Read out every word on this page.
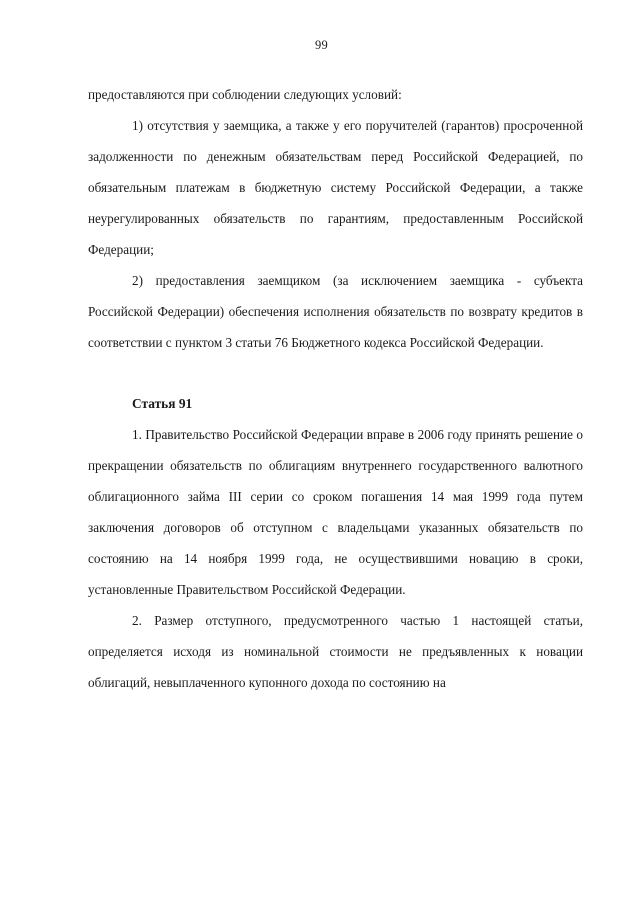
99

предоставляются при соблюдении следующих условий:

1) отсутствия у заемщика, а также у его поручителей (гарантов) просроченной задолженности по денежным обязательствам перед Российской Федерацией, по обязательным платежам в бюджетную систему Российской Федерации, а также неурегулированных обязательств по гарантиям, предоставленным Российской Федерации;

2) предоставления заемщиком (за исключением заемщика - субъекта Российской Федерации) обеспечения исполнения обязательств по возврату кредитов в соответствии с пунктом 3 статьи 76 Бюджетного кодекса Российской Федерации.

Статья 91

1. Правительство Российской Федерации вправе в 2006 году принять решение о прекращении обязательств по облигациям внутреннего государственного валютного облигационного займа III серии со сроком погашения 14 мая 1999 года путем заключения договоров об отступном с владельцами указанных обязательств по состоянию на 14 ноября 1999 года, не осуществившими новацию в сроки, установленные Правительством Российской Федерации.

2. Размер отступного, предусмотренного частью 1 настоящей статьи, определяется исходя из номинальной стоимости не предъявленных к новации облигаций, невыплаченного купонного дохода по состоянию на
